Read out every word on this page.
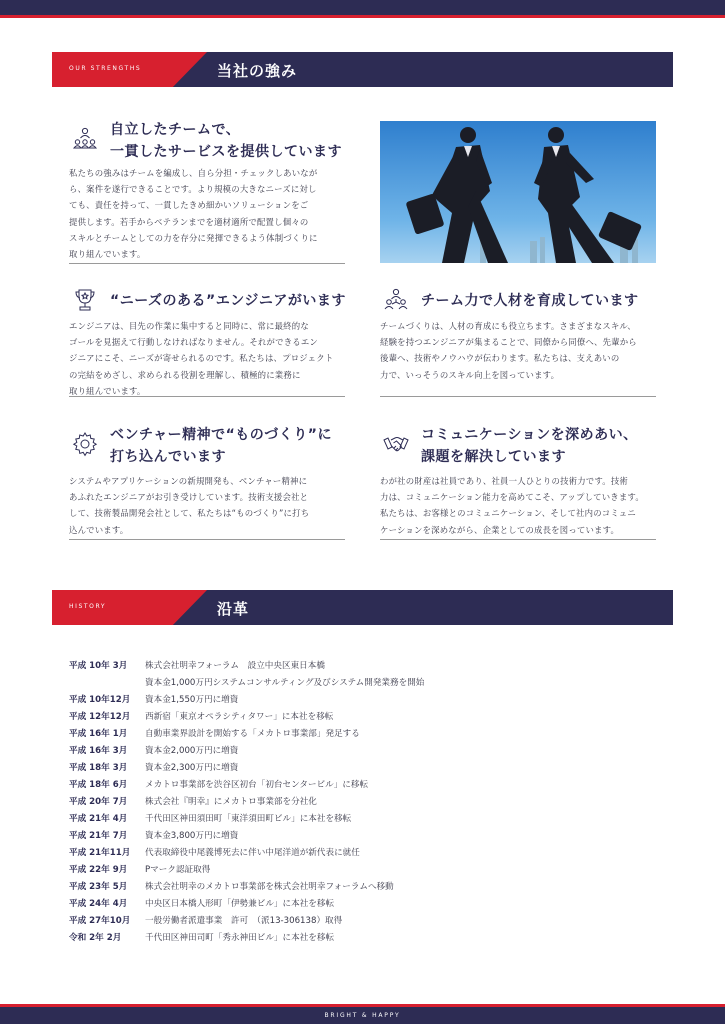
OUR STRENGTHS	当社の強み
自立したチームで、
一貫したサービスを提供しています
私たちの強みはチームを編成し、自ら分担・チェックしあいなが
ら、案件を遂行できることです。より規模の大きなニーズに対し
ても、責任を持って、一貫したきめ細かいソリューションをご
提供します。若手からベテランまでを適材適所で配置し個々の
スキルとチームとしての力を存分に発揮できるよう体制づくりに
取り組んでいます。
“ニーズのある”エンジニアがいます
エンジニアは、目先の作業に集中すると同時に、常に最終的な
ゴールを見据えて行動しなければなりません。それができるエン
ジニアにこそ、ニーズが寄せられるのです。私たちは、プロジェクト
の完結をめざし、求められる役割を理解し、積極的に業務に
取り組んでいます。
チーム力で人材を育成しています
チームづくりは、人材の育成にも役立ちます。さまざまなスキル、
経験を持つエンジニアが集まることで、同僚から同僚へ、先輩から
後輩へ、技術やノウハウが伝わります。私たちは、支えあいの
力で、いっそうのスキル向上を図っています。
ベンチャー精神で“ものづくり”に
打ち込んでいます
システムやアプリケーションの新規開発も、ベンチャー精神に
あふれたエンジニアがお引き受けしています。技術支援会社と
して、技術製品開発会社として、私たちは“ものづくり”に打ち
込んでいます。
コミュニケーションを深めあい、
課題を解決しています
わが社の財産は社員であり、社員一人ひとりの技術力です。技術
力は、コミュニケーション能力を高めてこそ、アップしていきます。
私たちは、お客様とのコミュニケーション、そして社内のコミュニ
ケーションを深めながら、企業としての成長を図っています。
HISTORY	沿革
平成 10年 3月	株式会社明幸フォーラム　設立中央区東日本橋
資本金1,000万円システムコンサルティング及びシステム開発業務を開始
平成 10年12月	資本金1,550万円に増資
平成 12年12月	西新宿「東京オペラシティタワー」に本社を移転
平成 16年 1月	自動車業界設計を開始する「メカトロ事業部」発足する
平成 16年 3月	資本金2,000万円に増資
平成 18年 3月	資本金2,300万円に増資
平成 18年 6月	メカトロ事業部を渋谷区初台「初台センタービル」に移転
平成 20年 7月	株式会社『明幸』にメカトロ事業部を分社化
平成 21年 4月	千代田区神田須田町「東洋須田町ビル」に本社を移転
平成 21年 7月	資本金3,800万円に増資
平成 21年11月	代表取締役中尾義博死去に伴い中尾洋道が新代表に就任
平成 22年 9月	Pマーク認証取得
平成 23年 5月	株式会社明幸のメカトロ事業部を株式会社明幸フォーラムへ移動
平成 24年 4月	中央区日本橋人形町「伊勢兼ビル」に本社を移転
平成 27年10月	一般労働者派遣事業　許可　（派13-306138）取得
令和 2年 2月	千代田区神田司町「秀永神田ビル」に本社を移転
BRIGHT & HAPPY
